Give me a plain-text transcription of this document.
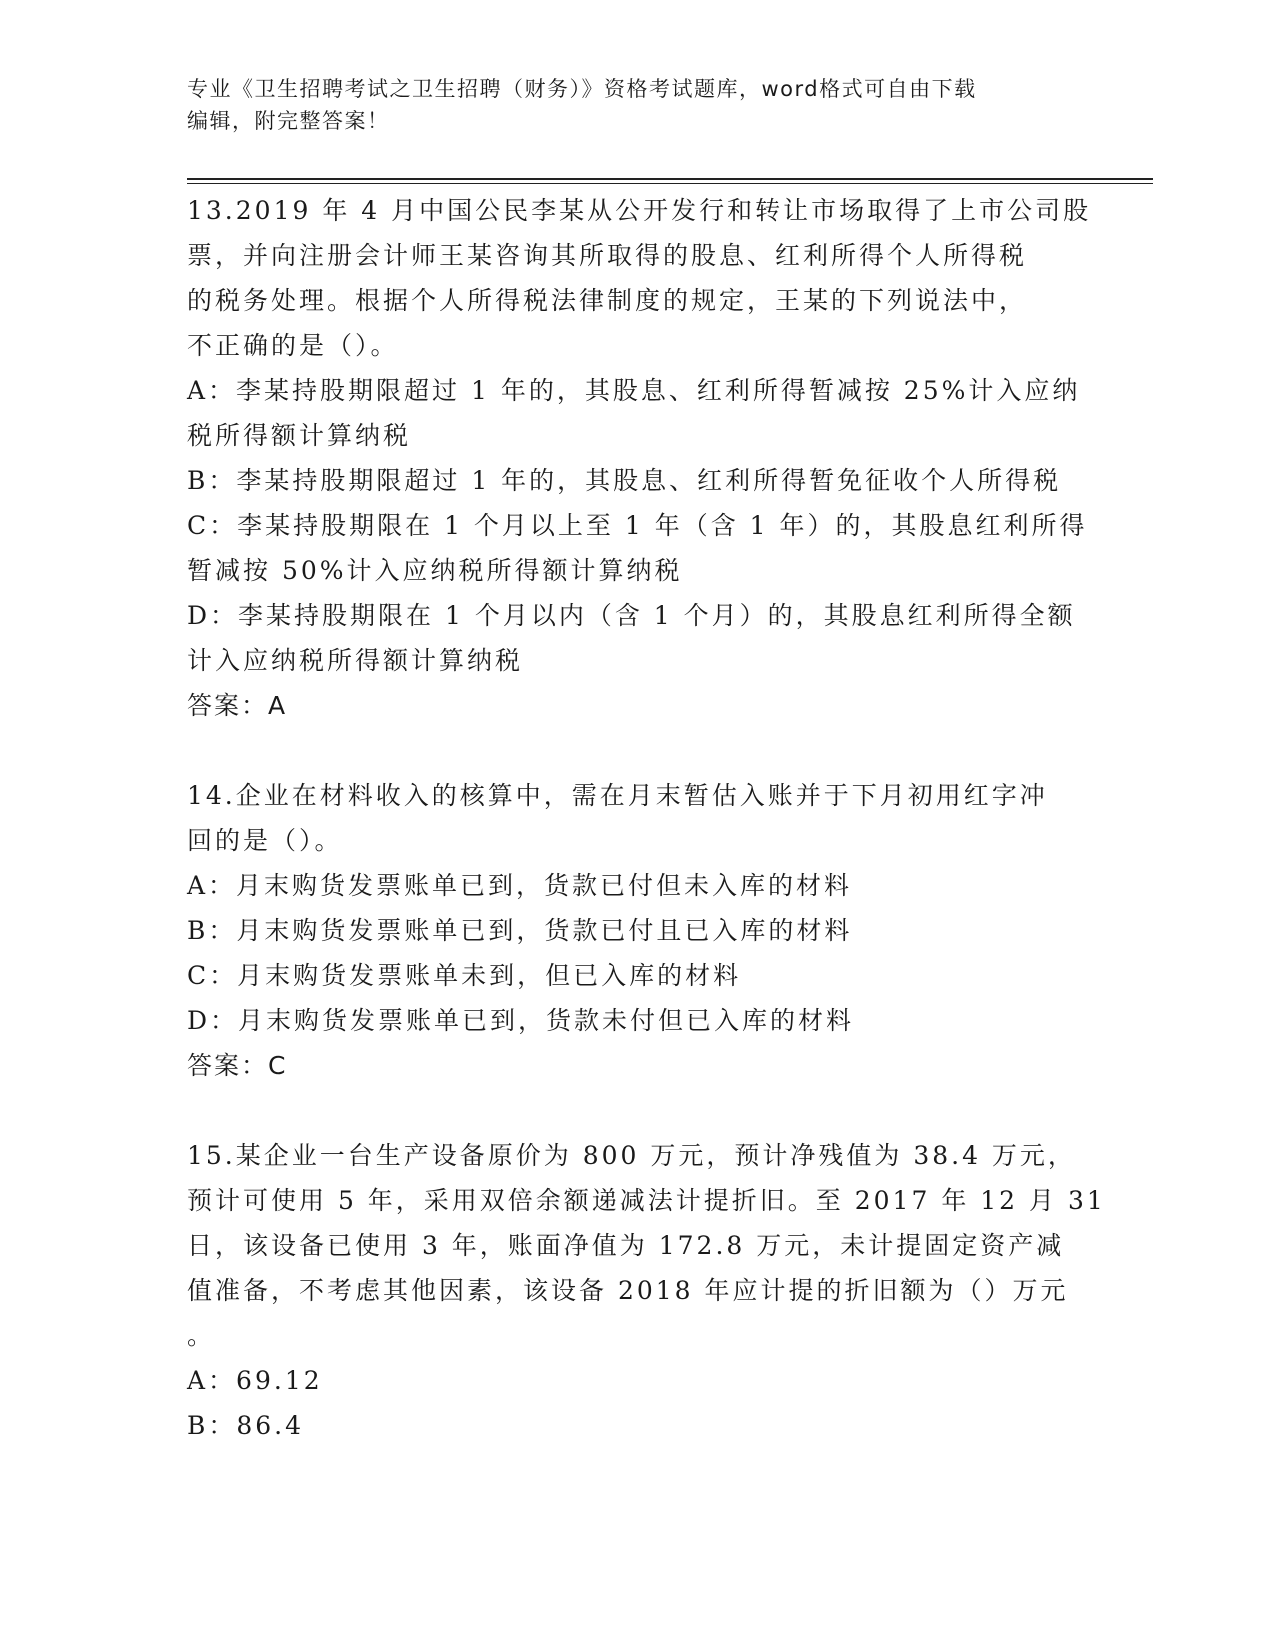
专业《卫生招聘考试之卫生招聘（财务）》资格考试题库，word格式可自由下载
编辑，附完整答案！
13.2019 年 4 月中国公民李某从公开发行和转让市场取得了上市公司股
票，并向注册会计师王某咨询其所取得的股息、红利所得个人所得税
的税务处理。根据个人所得税法律制度的规定，王某的下列说法中，
不正确的是（）。
A：李某持股期限超过 1 年的，其股息、红利所得暂减按 25%计入应纳
税所得额计算纳税
B：李某持股期限超过 1 年的，其股息、红利所得暂免征收个人所得税
C：李某持股期限在 1 个月以上至 1 年（含 1 年）的，其股息红利所得
暂减按 50%计入应纳税所得额计算纳税
D：李某持股期限在 1 个月以内（含 1 个月）的，其股息红利所得全额
计入应纳税所得额计算纳税
答案：A
14.企业在材料收入的核算中，需在月末暂估入账并于下月初用红字冲
回的是（）。
A：月末购货发票账单已到，货款已付但未入库的材料
B：月末购货发票账单已到，货款已付且已入库的材料
C：月末购货发票账单未到，但已入库的材料
D：月末购货发票账单已到，货款未付但已入库的材料
答案：C
15.某企业一台生产设备原价为 800 万元，预计净残值为 38.4 万元，
预计可使用 5 年，采用双倍余额递减法计提折旧。至 2017 年 12 月 31
日，该设备已使用 3 年，账面净值为 172.8 万元，未计提固定资产减
值准备，不考虑其他因素，该设备 2018 年应计提的折旧额为（）万元
。
A：69.12
B：86.4
